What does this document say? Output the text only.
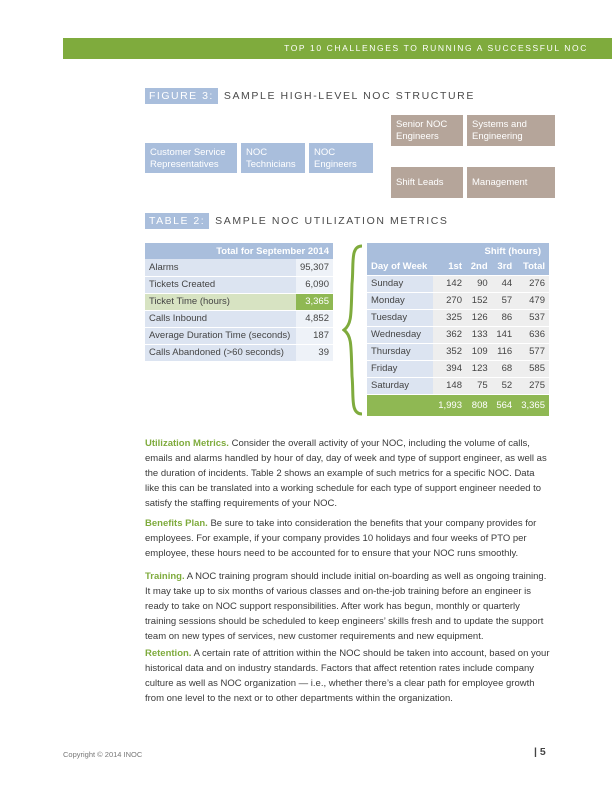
TOP 10 CHALLENGES TO RUNNING A SUCCESSFUL NOC
FIGURE 3: SAMPLE HIGH-LEVEL NOC STRUCTURE
Customer Service Representatives
NOC Technicians
NOC Engineers
Senior NOC Engineers
Systems and Engineering
Shift Leads	Management
TABLE 2: SAMPLE NOC UTILIZATION METRICS
Total for September 2014	
Alarms	95,307
Tickets Created	6,090
Ticket Time (hours)	3,365
Calls Inbound	4,852
Average Duration Time (seconds)	187
Calls Abandoned (>60 seconds)	39
Shift (hours)				
Day of Week	1st	2nd	3rd	Total
Sunday	142	90	44	276
Monday	270	152	57	479
Tuesday	325	126	86	537
Wednesday	362	133	141	636
Thursday	352	109	116	577
Friday	394	123	68	585
Saturday	148	75	52	275
	1,993	808	564	3,365

Utilization Metrics. Consider the overall activity of your NOC, including the volume of calls, emails and alarms handled by hour of day, day of week and type of support engineer, as well as the duration of incidents. Table 2 shows an example of such metrics for a specific NOC. Data like this can be translated into a working schedule for each type of support engineer needed to satisfy the staffing requirements of your NOC.

Benefits Plan. Be sure to take into consideration the benefits that your company provides for employees. For example, if your company provides 10 holidays and four weeks of PTO per employee, these hours need to be accounted for to ensure that your NOC runs smoothly.

Training. A NOC training program should include initial on-boarding as well as ongoing training. It may take up to six months of various classes and on-the-job training before an engineer is ready to take on NOC support responsibilities. After work has begun, monthly or quarterly training sessions should be scheduled to keep engineers’ skills fresh and to update the support team on new types of services, new customer requirements and new equipment.

Retention. A certain rate of attrition within the NOC should be taken into account, based on your historical data and on industry standards. Factors that affect retention rates include company culture as well as NOC organization — i.e., whether there’s a clear path for employee growth from one level to the next or to other departments within the organization.

Copyright © 2014 INOC	| 5
